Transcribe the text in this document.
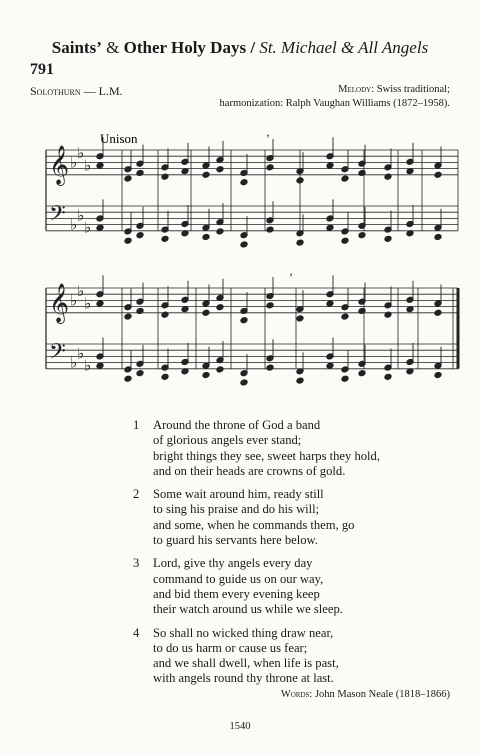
Saints’ & Other Holy Days / St. Michael & All Angels
791
Solothurn — L.M.	Melody: Swiss traditional;
harmonization: Ralph Vaughan Williams (1872–1958).
Unison
𝄞 ♭
♭
♭
𝄢 ♭
♭
♭
𝄞 ♭
♭
♭
𝄢 ♭
♭
♭
’
’
1 Around the throne of God a band
of glorious angels ever stand;
bright things they see, sweet harps they hold,
and on their heads are crowns of gold.
2 Some wait around him, ready still
to sing his praise and do his will;
and some, when he commands them, go
to guard his servants here below.
3 Lord, give thy angels every day
command to guide us on our way,
and bid them every evening keep
their watch around us while we sleep.
4 So shall no wicked thing draw near,
to do us harm or cause us fear;
and we shall dwell, when life is past,
with angels round thy throne at last.
Words: John Mason Neale (1818–1866)
1540
